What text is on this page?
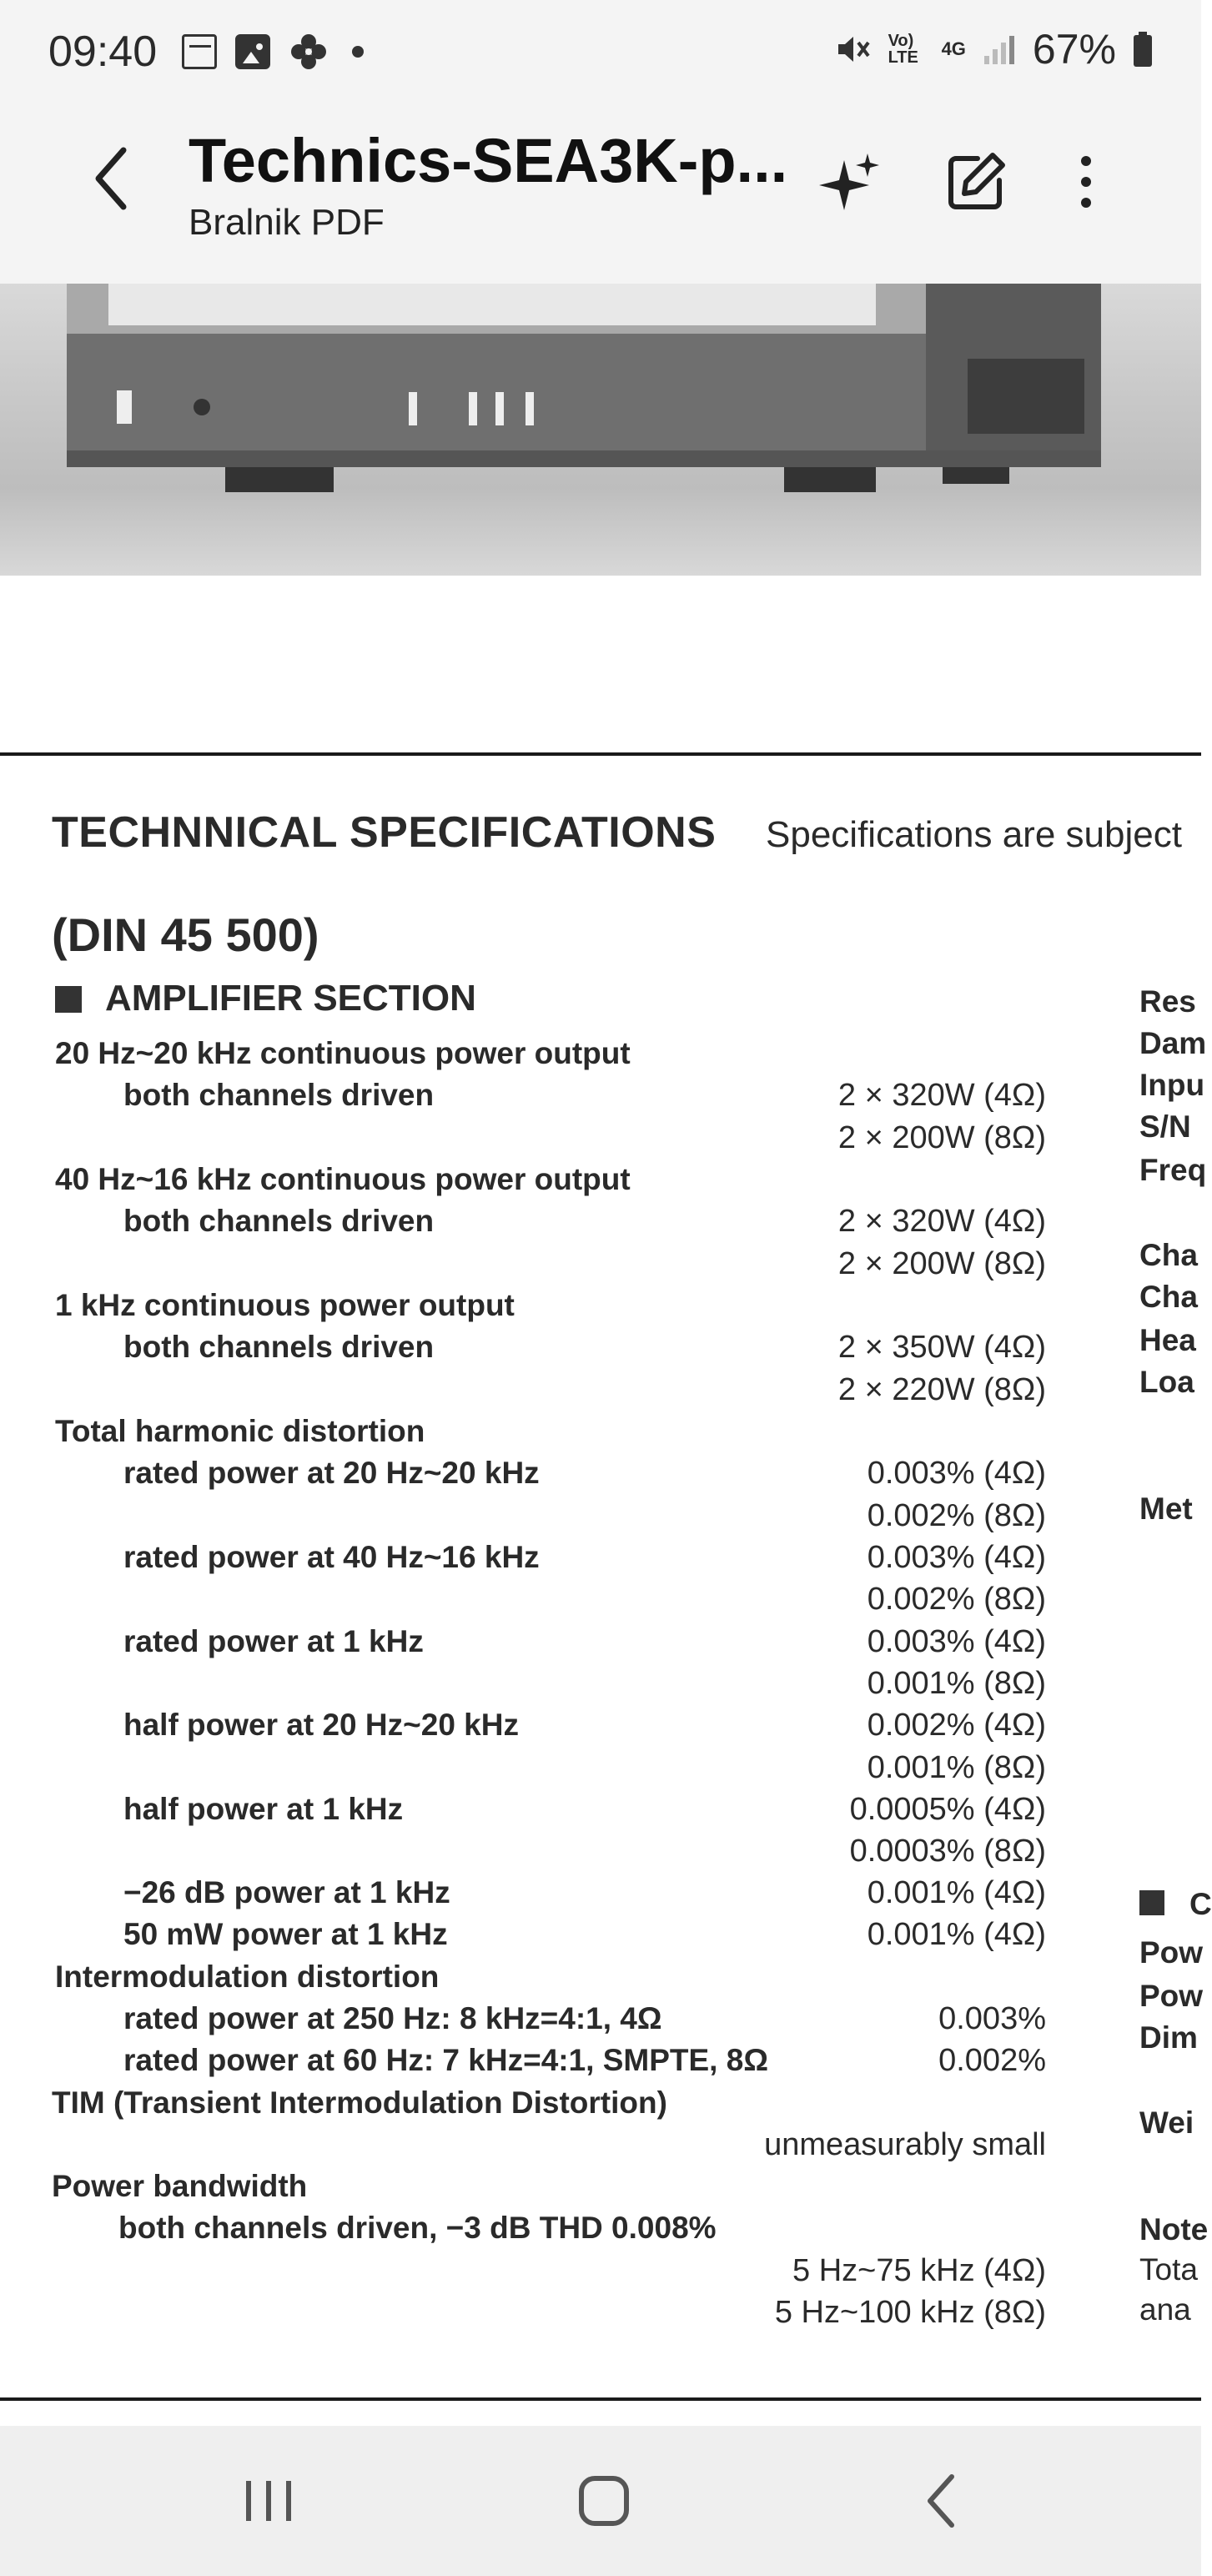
09:40	Vo) LTE	4G 67%
Technics-SEA3K-p...
Bralnik PDF
TECHNNICAL SPECIFICATIONS Specifications are subject
(DIN 45 500)
AMPLIFIER SECTION
20 Hz~20 kHz continuous power output
both channels driven	2 × 320W (4Ω)
2 × 200W (8Ω)
40 Hz~16 kHz continuous power output
both channels driven	2 × 320W (4Ω)
2 × 200W (8Ω)
1 kHz continuous power output
both channels driven	2 × 350W (4Ω)
2 × 220W (8Ω)
Total harmonic distortion
rated power at 20 Hz~20 kHz	0.003% (4Ω)
0.002% (8Ω)
rated power at 40 Hz~16 kHz	0.003% (4Ω)
0.002% (8Ω)
rated power at 1 kHz	0.003% (4Ω)
0.001% (8Ω)
half power at 20 Hz~20 kHz	0.002% (4Ω)
0.001% (8Ω)
half power at 1 kHz	0.0005% (4Ω)
0.0003% (8Ω)
−26 dB power at 1 kHz	0.001% (4Ω)
50 mW power at 1 kHz	0.001% (4Ω)
Intermodulation distortion
rated power at 250 Hz: 8 kHz=4:1, 4Ω	0.003%
rated power at 60 Hz: 7 kHz=4:1, SMPTE, 8Ω	0.002%
TIM (Transient Intermodulation Distortion)
unmeasurably small
Power bandwidth
both channels driven, −3 dB THD 0.008%
5 Hz~75 kHz (4Ω)
5 Hz~100 kHz (8Ω)
Res
Dam
Inpu
S/N
Freq
Cha
Cha
Hea
Loa
Met
C
Pow
Pow
Dim
Wei
Note
Tota
ana
